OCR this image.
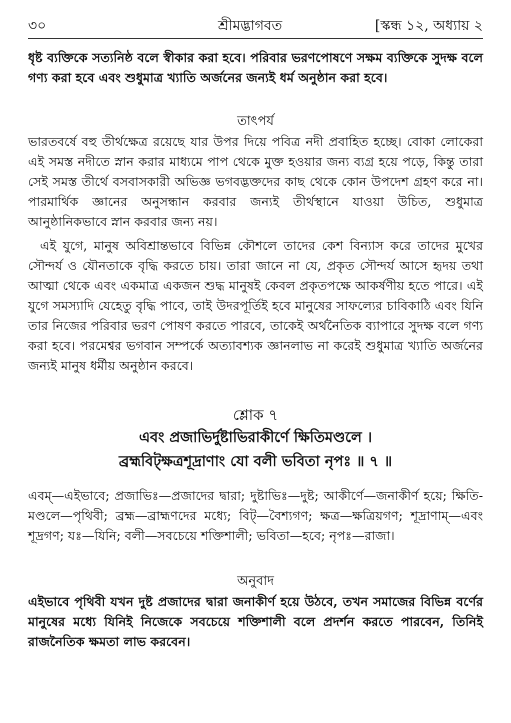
৩০	শ্রীমদ্ভাগবত	[স্কন্ধ ১২, অধ্যায় ২
ধৃষ্ট ব্যক্তিকে সত্যনিষ্ঠ বলে স্বীকার করা হবে। পরিবার ভরণপোষণে সক্ষম ব্যক্তিকে সুদক্ষ বলে গণ্য করা হবে এবং শুধুমাত্র খ্যাতি অর্জনের জন্যই ধর্ম অনুষ্ঠান করা হবে।
তাৎপর্য
ভারতবর্ষে বহু তীর্থক্ষেত্র রয়েছে যার উপর দিয়ে পবিত্র নদী প্রবাহিত হচ্ছে। বোকা লোকেরা এই সমস্ত নদীতে স্নান করার মাধ্যমে পাপ থেকে মুক্ত হওয়ার জন্য ব্যগ্র হয়ে পড়ে, কিন্তু তারা সেই সমস্ত তীর্থে বসবাসকারী অভিজ্ঞ ভগবদ্ভক্তদের কাছ থেকে কোন উপদেশ গ্রহণ করে না। পারমার্থিক জ্ঞানের অনুসন্ধান করবার জন্যই তীর্থস্থানে যাওয়া উচিত, শুধুমাত্র আনুষ্ঠানিকভাবে স্নান করবার জন্য নয়।
এই যুগে, মানুষ অবিশ্রান্তভাবে বিভিন্ন কৌশলে তাদের কেশ বিন্যাস করে তাদের মুখের সৌন্দর্য ও যৌনতাকে বৃদ্ধি করতে চায়। তারা জানে না যে, প্রকৃত সৌন্দর্য আসে হৃদয় তথা আত্মা থেকে এবং একমাত্র একজন শুদ্ধ মানুষই কেবল প্রকৃতপক্ষে আকর্ষণীয় হতে পারে। এই যুগে সমস্যাদি যেহেতু বৃদ্ধি পাবে, তাই উদরপূর্তিই হবে মানুষের সাফল্যের চাবিকাঠি এবং যিনি তার নিজের পরিবার ভরণ পোষণ করতে পারবে, তাকেই অর্থনৈতিক ব্যাপারে সুদক্ষ বলে গণ্য করা হবে। পরমেশ্বর ভগবান সম্পর্কে অত্যাবশ্যক জ্ঞানলাভ না করেই শুধুমাত্র খ্যাতি অর্জনের জন্যই মানুষ ধর্মীয় অনুষ্ঠান করবে।
শ্লোক ৭
এবং প্রজাভির্দুষ্টাভিরাকীর্ণে ক্ষিতিমণ্ডলে ।
ব্রহ্মবিট্‌ক্ষত্রশূদ্রাণাং যো বলী ভবিতা নৃপঃ ॥ ৭ ॥
এবম্—এইভাবে; প্রজাভিঃ—প্রজাদের দ্বারা; দুষ্টাভিঃ—দুষ্ট; আকীর্ণে—জনাকীর্ণ হয়ে; ক্ষিতি-মণ্ডলে—পৃথিবী; ব্রহ্ম—ব্রাহ্মণদের মধ্যে; বিট্—বৈশ্যগণ; ক্ষত্র—ক্ষত্রিয়গণ; শূদ্রাণাম্—এবং শূদ্রগণ; যঃ—যিনি; বলী—সবচেয়ে শক্তিশালী; ভবিতা—হবে; নৃপঃ—রাজা।
অনুবাদ
এইভাবে পৃথিবী যখন দুষ্ট প্রজাদের দ্বারা জনাকীর্ণ হয়ে উঠবে, তখন সমাজের বিভিন্ন বর্ণের মানুষের মধ্যে যিনিই নিজেকে সবচেয়ে শক্তিশালী বলে প্রদর্শন করতে পারবেন, তিনিই রাজনৈতিক ক্ষমতা লাভ করবেন।
